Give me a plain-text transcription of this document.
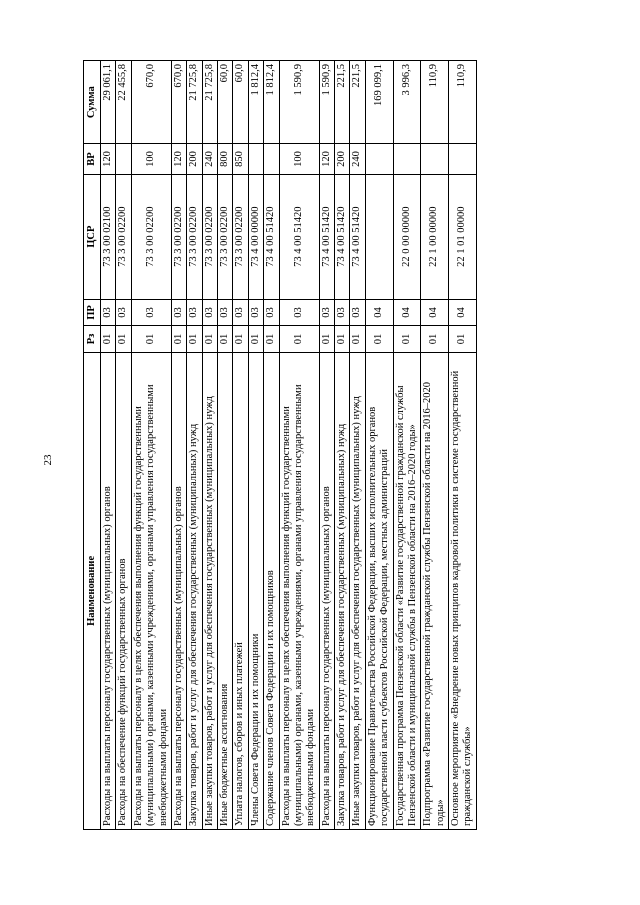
23
Наименование	Рз	ПР	ЦСР	ВР	Сумма
Расходы на выплаты персоналу государственных (муниципальных) органов	01	03	73 3 00 02100	120	29 061,1
Расходы на обеспечение функций государственных органов	01	03	73 3 00 02200		22 455,8
Расходы на выплаты персоналу в целях обеспечения выполнения функций государственными (муниципальными) органами, казенными учреждениями, органами управления государственными внебюджетными фондами	01	03	73 3 00 02200	100	670,0
Расходы на выплаты персоналу государственных (муниципальных) органов	01	03	73 3 00 02200	120	670,0
Закупка товаров, работ и услуг для обеспечения государственных (муниципальных) нужд	01	03	73 3 00 02200	200	21 725,8
Иные закупки товаров, работ и услуг для обеспечения государственных (муниципальных) нужд	01	03	73 3 00 02200	240	21 725,8
Иные бюджетные ассигнования	01	03	73 3 00 02200	800	60,0
Уплата налогов, сборов и иных платежей	01	03	73 3 00 02200	850	60,0
Члены Совета Федерации и их помощники	01	03	73 4 00 00000		1 812,4
Содержание членов Совета Федерации и их помощников	01	03	73 4 00 51420		1 812,4
Расходы на выплаты персоналу в целях обеспечения выполнения функций государственными (муниципальными) органами, казенными учреждениями, органами управления государственными внебюджетными фондами	01	03	73 4 00 51420	100	1 590,9
Расходы на выплаты персоналу государственных (муниципальных) органов	01	03	73 4 00 51420	120	1 590,9
Закупка товаров, работ и услуг для обеспечения государственных (муниципальных) нужд	01	03	73 4 00 51420	200	221,5
Иные закупки товаров, работ и услуг для обеспечения государственных (муниципальных) нужд	01	03	73 4 00 51420	240	221,5
Функционирование Правительства Российской Федерации, высших исполнительных органов государственной власти субъектов Российской Федерации, местных администраций	01	04			169 099,1
Государственная программа Пензенской области «Развитие государственной гражданской службы Пензенской области и муниципальной службы в Пензенской области на 2016–2020 годы»	01	04	22 0 00 00000		3 996,3
Подпрограмма «Развитие государственной гражданской службы Пензенской области на 2016–2020 годы»	01	04	22 1 00 00000		110,9
Основное мероприятие «Внедрение новых принципов кадровой политики в системе государственной гражданской службы»	01	04	22 1 01 00000		110,9
